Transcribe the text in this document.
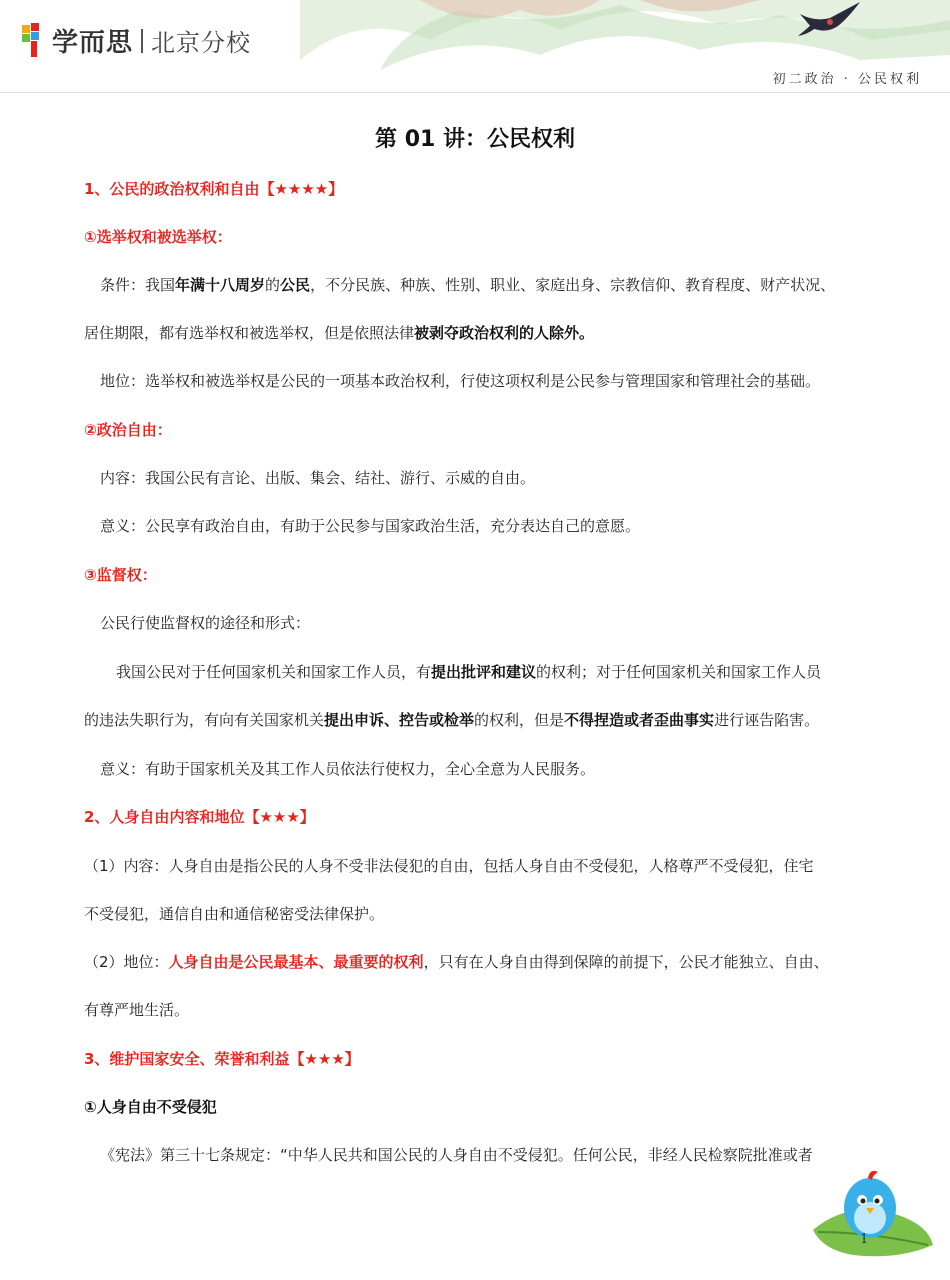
学而思 北京分校
初二政治 · 公民权利
第 01 讲：公民权利
1、公民的政治权利和自由【★★★★】
①选举权和被选举权：
条件：我国年满十八周岁的公民，不分民族、种族、性别、职业、家庭出身、宗教信仰、教育程度、财产状况、
居住期限，都有选举权和被选举权，但是依照法律被剥夺政治权利的人除外。
地位：选举权和被选举权是公民的一项基本政治权利，行使这项权利是公民参与管理国家和管理社会的基础。
②政治自由：
内容：我国公民有言论、出版、集会、结社、游行、示威的自由。
意义：公民享有政治自由，有助于公民参与国家政治生活，充分表达自己的意愿。
③监督权：
公民行使监督权的途径和形式：
我国公民对于任何国家机关和国家工作人员，有提出批评和建议的权利；对于任何国家机关和国家工作人员
的违法失职行为，有向有关国家机关提出申诉、控告或检举的权利，但是不得捏造或者歪曲事实进行诬告陷害。
意义：有助于国家机关及其工作人员依法行使权力，全心全意为人民服务。
2、人身自由内容和地位【★★★】
（1）内容：人身自由是指公民的人身不受非法侵犯的自由，包括人身自由不受侵犯，人格尊严不受侵犯，住宅
不受侵犯，通信自由和通信秘密受法律保护。
（2）地位：人身自由是公民最基本、最重要的权利，只有在人身自由得到保障的前提下，公民才能独立、自由、
有尊严地生活。
3、维护国家安全、荣誉和利益【★★★】
①人身自由不受侵犯
《宪法》第三十七条规定：“中华人民共和国公民的人身自由不受侵犯。任何公民，非经人民检察院批准或者
1
